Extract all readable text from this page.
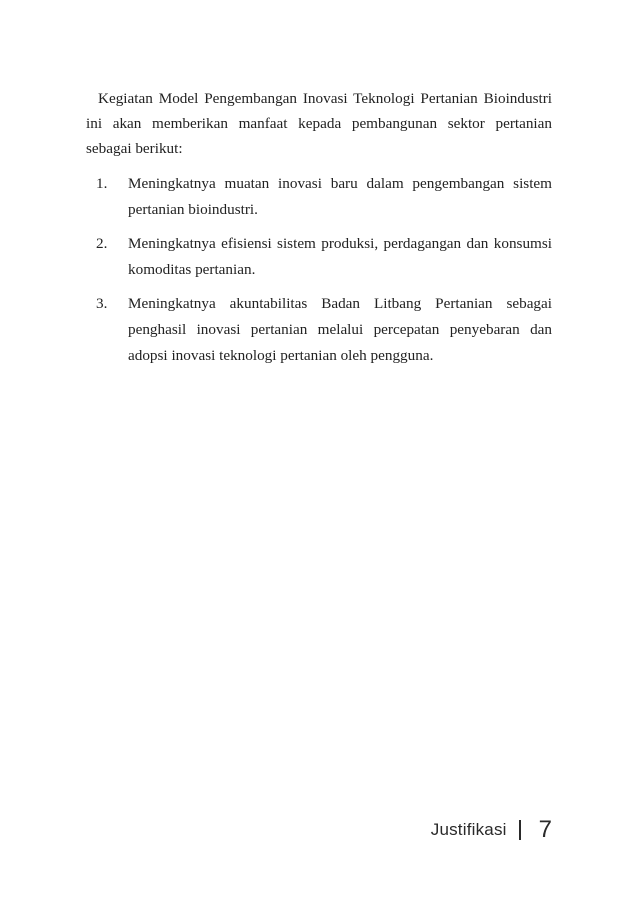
Kegiatan Model Pengembangan Inovasi Teknologi Pertanian Bioindustri ini akan memberikan manfaat kepada pembangunan sektor pertanian sebagai berikut:

1. Meningkatnya muatan inovasi baru dalam pengembangan sistem pertanian bioindustri.
2. Meningkatnya efisiensi sistem produksi, perdagangan dan konsumsi komoditas pertanian.
3. Meningkatnya akuntabilitas Badan Litbang Pertanian sebagai penghasil inovasi pertanian melalui percepatan penyebaran dan adopsi inovasi teknologi pertanian oleh pengguna.
Justifikasi 7
